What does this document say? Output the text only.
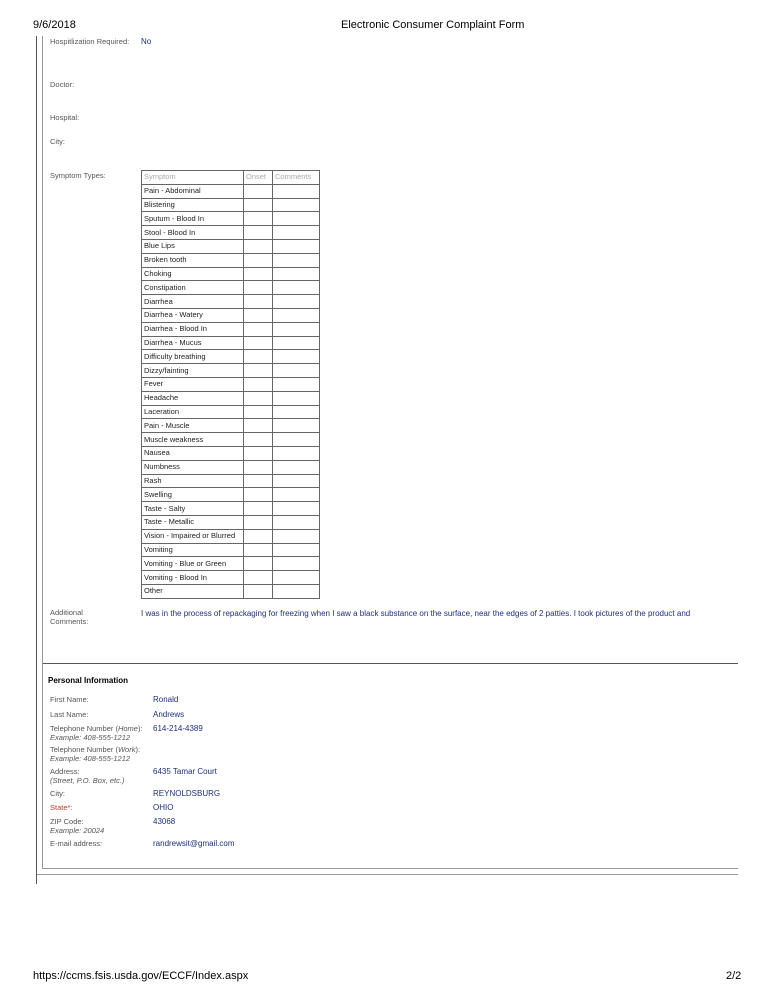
9/6/2018	Electronic Consumer Complaint Form
Hospitlization Required: No
Doctor:
Hospital:
City:
Symptom Types:	Symptom	Onset	Comments
Pain - Abdominal		
Blistering		
Sputum - Blood In		
Stool - Blood In		
Blue Lips		
Broken tooth		
Choking		
Constipation		
Diarrhea		
Diarrhea - Watery		
Diarrhea - Blood In		
Diarrhea - Mucus		
Difficulty breathing		
Dizzy/fainting		
Fever		
Headache		
Laceration		
Pain - Muscle		
Muscle weakness		
Nausea		
Numbness		
Rash		
Swelling		
Taste - Salty		
Taste - Metallic		
Vision - Impaired or Blurred		
Vomiting		
Vomiting - Blue or Green		
Vomiting - Blood In		
Other		
Additional
Comments:
I was in the process of repackaging for freezing when I saw a black substance on the surface, near the edges of 2 patties. I took pictures of the product and
Personal Information
First Name:	Ronald
Last Name:	Andrews
Telephone Number (Home):
Example: 408-555-1212
614-214-4389
Telephone Number (Work):
Example: 408-555-1212
Address:
(Street, P.O. Box, etc.)
6435 Tamar Court
City:	REYNOLDSBURG
State*:	OHIO
ZIP Code:
Example: 20024
43068
E-mail address:	randrewsit@gmail.com
https://ccms.fsis.usda.gov/ECCF/Index.aspx	2/2
